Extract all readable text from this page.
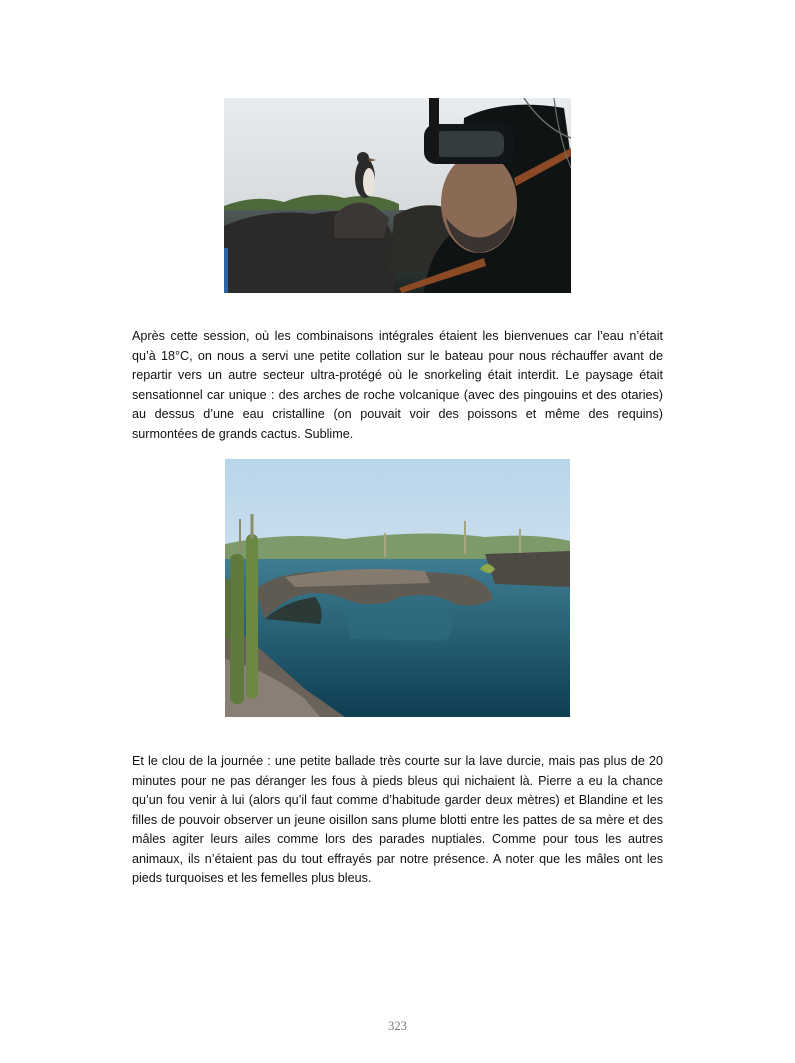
Après cette session, où les combinaisons intégrales étaient les bienvenues car l’eau n’était qu’à 18°C, on nous a servi une petite collation sur le bateau pour nous réchauffer avant de repartir vers un autre secteur ultra-protégé où le snorkeling était interdit. Le paysage était sensationnel car unique : des arches de roche volcanique (avec des pingouins et des otaries) au dessus d’une eau cristalline (on pouvait voir des poissons et même des requins) surmontées de grands cactus. Sublime.

Et le clou de la journée : une petite ballade très courte sur la lave durcie, mais pas plus de 20 minutes pour ne pas déranger les fous à pieds bleus qui nichaient là. Pierre a eu la chance qu’un fou venir à lui (alors qu’il faut comme d’habitude garder deux mètres) et Blandine et les filles de pouvoir observer un jeune oisillon sans plume blotti entre les pattes de sa mère et des mâles agiter leurs ailes comme lors des parades nuptiales. Comme pour tous les autres animaux, ils n’étaient pas du tout effrayés par notre présence. A noter que les mâles ont les pieds turquoises et les femelles plus bleus.

323
